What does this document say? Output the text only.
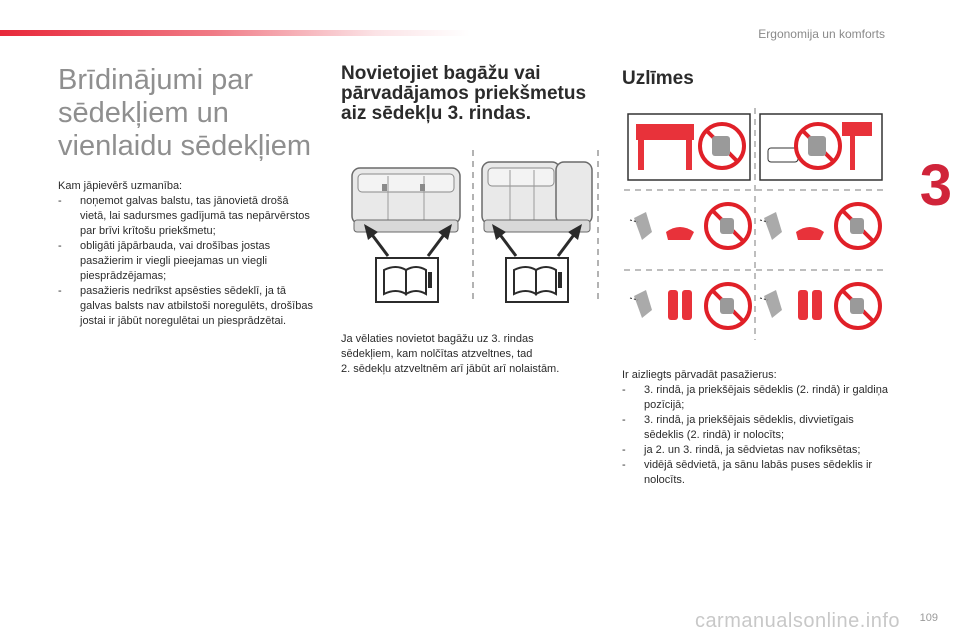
Ergonomija un komforts
3
carmanualsonline.info 109
Brīdinājumi par
sēdekļiem un
vienlaidu sēdekļiem

Kam jāpievērš uzmanība:

- noņemot galvas balstu, tas jānovietā drošā vietā, lai sadursmes gadījumā tas nepārvērstos par brīvi krītošu priekšmetu;
- obligāti jāpārbauda, vai drošības jostas pasažierim ir viegli pieejamas un viegli piesprādzējamas;
- pasažieris nedrīkst apsēsties sēdeklī, ja tā galvas balsts nav atbilstoši noregulēts, drošības jostai ir jābūt noregulētai un piesprādzētai.
Novietojiet bagāžu vai
pārvadājamos priekšmetus
aiz sēdekļu 3. rindas.
Ja vēlaties novietot bagāžu uz 3. rindas
sēdekļiem, kam nolčītas atzveltnes, tad
2. sēdekļu atzveltnēm arī jābūt arī nolaistām.
Uzlīmes

Ir aizliegts pārvadāt pasažierus:

- 3. rindā, ja priekšējais sēdeklis (2. rindā) ir galdiņa pozīcijā;
- 3. rindā, ja priekšējais sēdeklis, divvietīgais sēdeklis (2. rindā) ir nolocīts;
- ja 2. un 3. rindā, ja sēdvietas nav nofiksētas;
- vidējā sēdvietā, ja sānu labās puses sēdeklis ir nolocīts.
